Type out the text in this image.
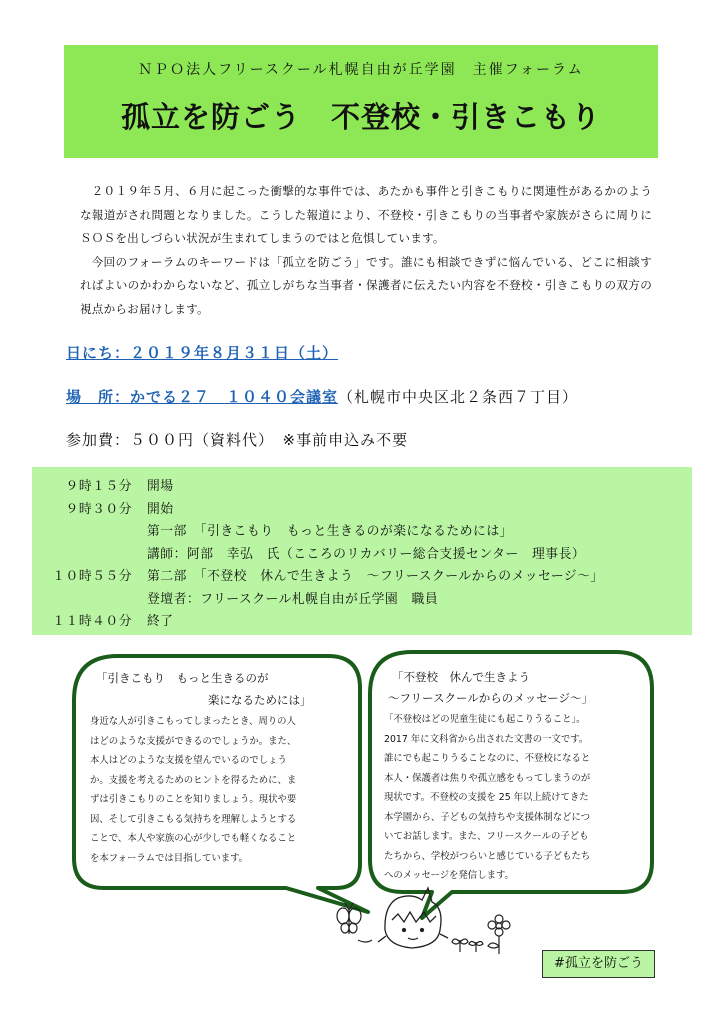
ＮＰＯ法人フリースクール札幌自由が丘学園　主催フォーラム
孤立を防ごう　不登校・引きこもり

２０１９年５月、６月に起こった衝撃的な事件では、あたかも事件と引きこもりに関連性があるかのような報道がされ問題となりました。こうした報道により、不登校・引きこもりの当事者や家族がさらに周りにＳＯＳを出しづらい状況が生まれてしまうのではと危惧しています。

今回のフォーラムのキーワードは「孤立を防ごう」です。誰にも相談できずに悩んでいる、どこに相談すればよいのかわからないなど、孤立しがちな当事者・保護者に伝えたい内容を不登校・引きこもりの双方の視点からお届けします。

日にち：２０１９年８月３１日（土）
場　所：かでる２７　１０４０会議室（札幌市中央区北２条西７丁目）
参加費：５００円（資料代）　※事前申込み不要
９時１５分 開場
９時３０分 開始
第一部　「引きこもり　もっと生きるのが楽になるためには」
講師：阿部　幸弘　氏（こころのリカバリー総合支援センター　理事長）
１０時５５分 第二部　「不登校　休んで生きよう　～フリースクールからのメッセージ～」
登壇者：フリースクール札幌自由が丘学園　職員
１１時４０分 終了
「引きこもり　もっと生きるのが
楽になるためには」
身近な人が引きこもってしまったとき、周りの人
はどのような支援ができるのでしょうか。また、
本人はどのような支援を望んでいるのでしょう
か。支援を考えるためのヒントを得るために、ま
ずは引きこもりのことを知りましょう。現状や要
因、そして引きこもる気持ちを理解しようとする
ことで、本人や家族の心が少しでも軽くなること
を本フォーラムでは目指しています。
「不登校　休んで生きよう
～フリースクールからのメッセージ～」
「不登校はどの児童生徒にも起こりうること」。
2017 年に文科省から出された文書の一文です。
誰にでも起こりうることなのに、不登校になると
本人・保護者は焦りや孤立感をもってしまうのが
現状です。不登校の支援を 25 年以上続けてきた
本学園から、子どもの気持ちや支援体制などにつ
いてお話します。また、フリースクールの子ども
たちから、学校がつらいと感じている子どもたち
へのメッセージを発信します。
#孤立を防ごう
